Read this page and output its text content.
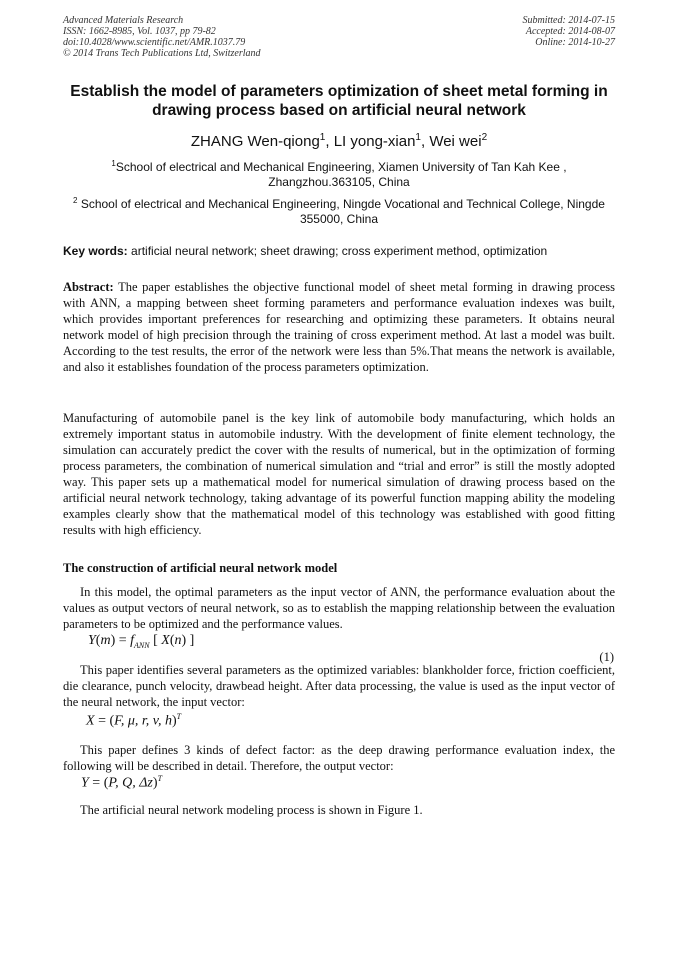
Advanced Materials Research
ISSN: 1662-8985, Vol. 1037, pp 79-82
doi:10.4028/www.scientific.net/AMR.1037.79
© 2014 Trans Tech Publications Ltd, Switzerland
Submitted: 2014-07-15
Accepted: 2014-08-07
Online: 2014-10-27
Establish the model of parameters optimization of sheet metal forming in drawing process based on artificial neural network
ZHANG Wen-qiong$^1$, LI yong-xian$^1$, Wei wei$^2$
$^1$School of electrical and Mechanical Engineering, Xiamen University of Tan Kah Kee , Zhangzhou.363105, China
$^2$ School of electrical and Mechanical Engineering, Ningde Vocational and Technical College, Ningde 355000, China
Key words: artificial neural network; sheet drawing; cross experiment method, optimization
Abstract: The paper establishes the objective functional model of sheet metal forming in drawing process with ANN, a mapping between sheet forming parameters and performance evaluation indexes was built, which provides important preferences for researching and optimizing these parameters. It obtains neural network model of high precision through the training of cross experiment method. At last a model was built. According to the test results, the error of the network were less than 5%.That means the network is available, and also it establishes foundation of the process parameters optimization.
Manufacturing of automobile panel is the key link of automobile body manufacturing, which holds an extremely important status in automobile industry. With the development of finite element technology, the simulation can accurately predict the cover with the results of numerical, but in the optimization of forming process parameters, the combination of numerical simulation and “trial and error” is still the mostly adopted way. This paper sets up a mathematical model for numerical simulation of drawing process based on the artificial neural network technology, taking advantage of its powerful function mapping ability the modeling examples clearly show that the mathematical model of this technology was established with good fitting results with high efficiency.
The construction of artificial neural network model
In this model, the optimal parameters as the input vector of ANN, the performance evaluation about the values as output vectors of neural network, so as to establish the mapping relationship between the evaluation parameters to be optimized and the performance values.
$Y(m) = f_{ANN}$ [ X(n) ]
(1)
This paper identifies several parameters as the optimized variables: blankholder force, friction coefficient, die clearance, punch velocity, drawbead height. After data processing, the value is used as the input vector of the neural network, the input vector:
X = (F, μ, r, v, h)$^T$
This paper defines 3 kinds of defect factor: as the deep drawing performance evaluation index, the following will be described in detail. Therefore, the output vector:
Y = (P, Q, Δz)$^T$
The artificial neural network modeling process is shown in Figure 1.
